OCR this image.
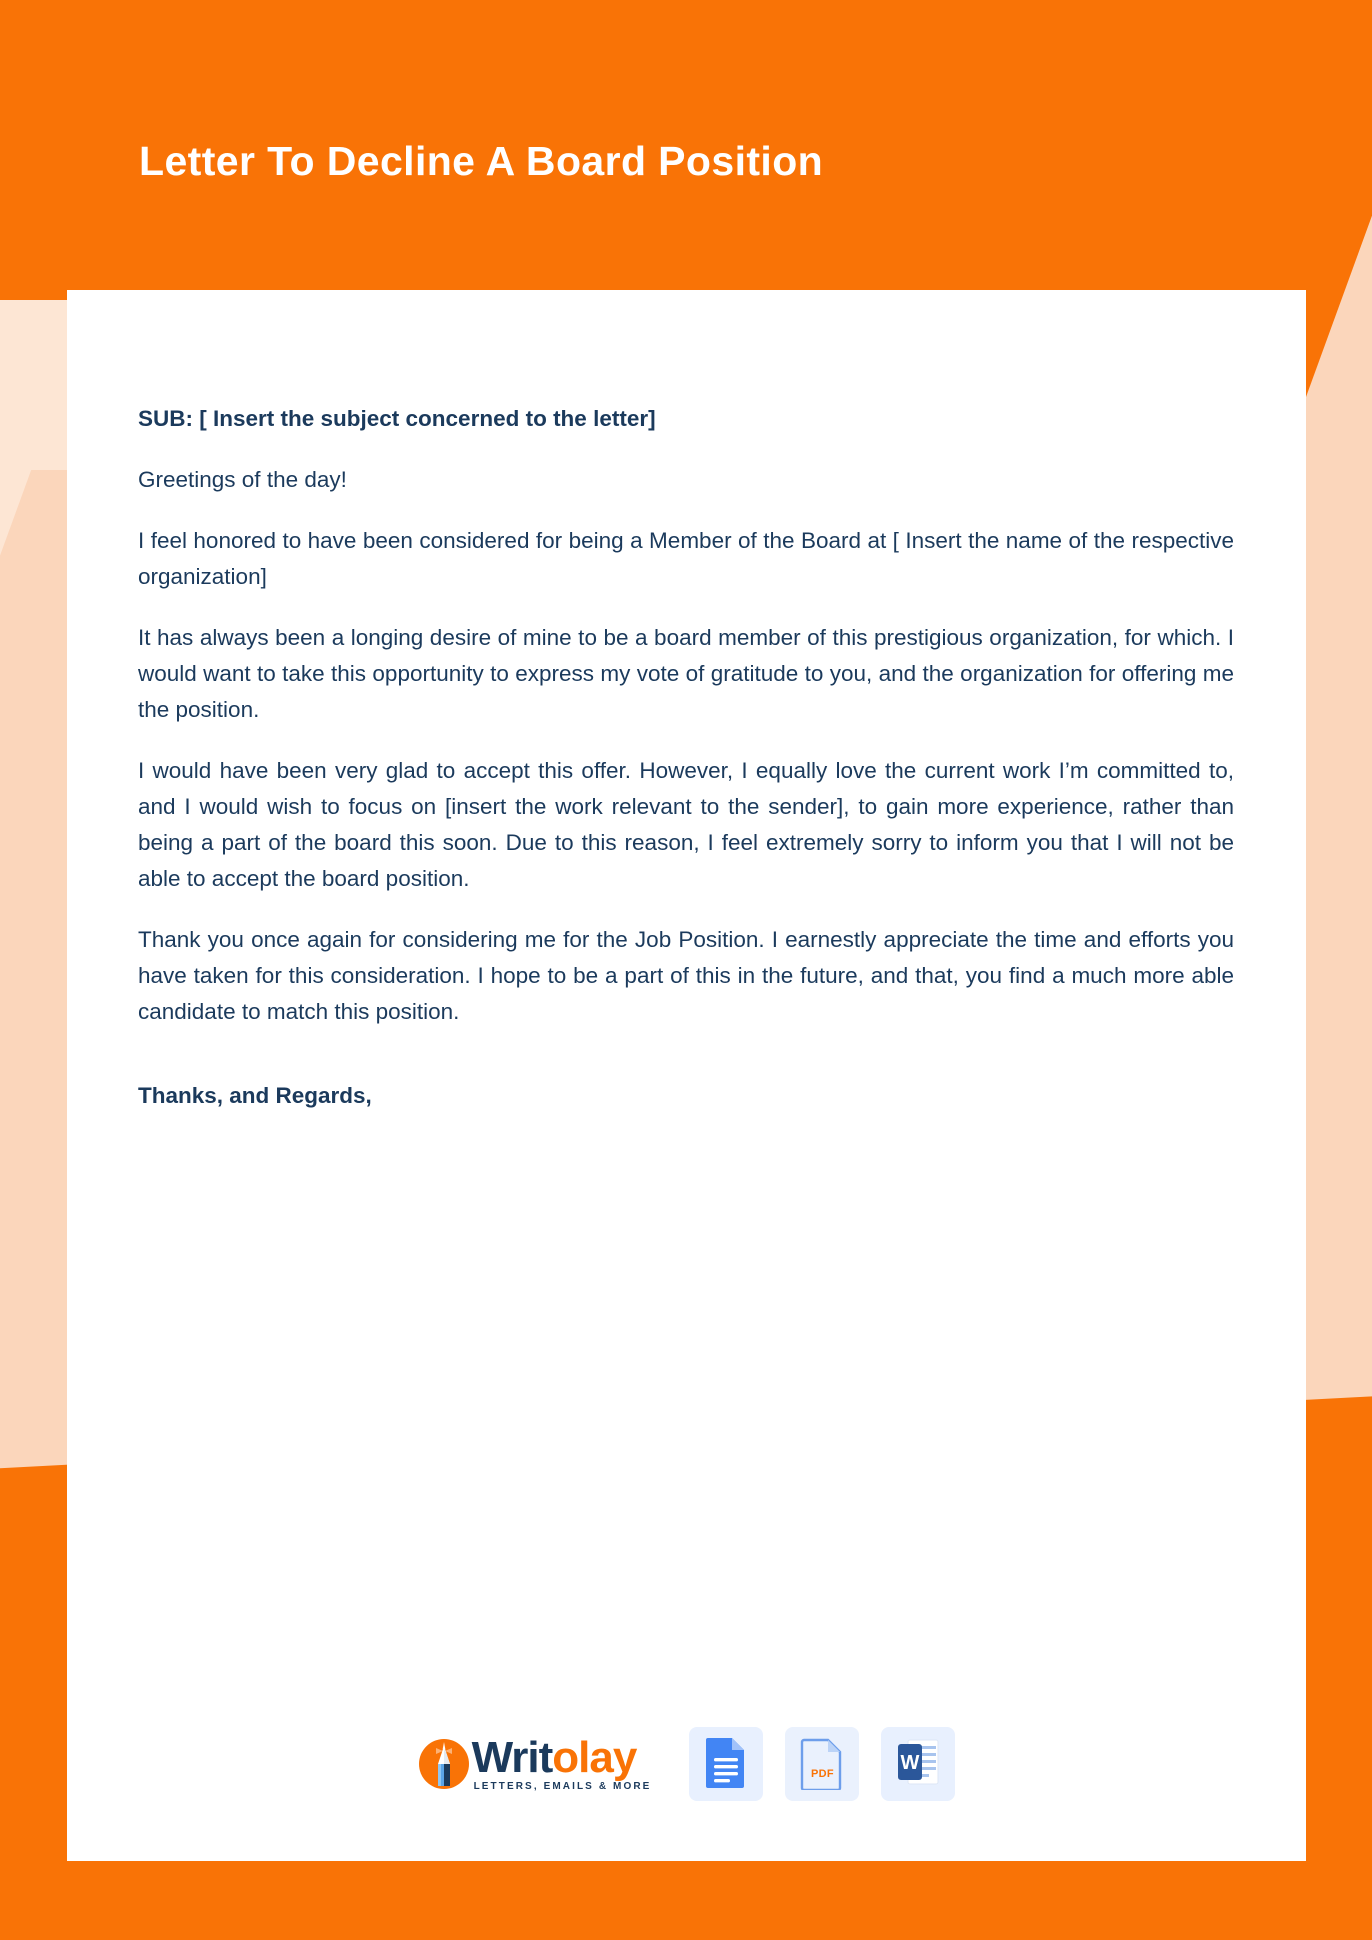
Letter To Decline A Board Position

SUB: [ Insert the subject concerned to the letter]

Greetings of the day!

I feel honored to have been considered for being a Member of the Board at [ Insert the name of the respective organization]

It has always been a longing desire of mine to be a board member of this prestigious organization, for which. I would want to take this opportunity to express my vote of gratitude to you, and the organization for offering me the position.

I would have been very glad to accept this offer. However, I equally love the current work I’m committed to, and I would wish to focus on [insert the work relevant to the sender], to gain more experience, rather than being a part of the board this soon. Due to this reason, I feel extremely sorry to inform you that I will not be able to accept the board position.

Thank you once again for considering me for the Job Position. I earnestly appreciate the time and efforts you have taken for this consideration. I hope to be a part of this in the future, and that, you find a much more able candidate to match this position.

Thanks, and Regards,

Writolay
LETTERS, EMAILS & MORE
PDF
W
